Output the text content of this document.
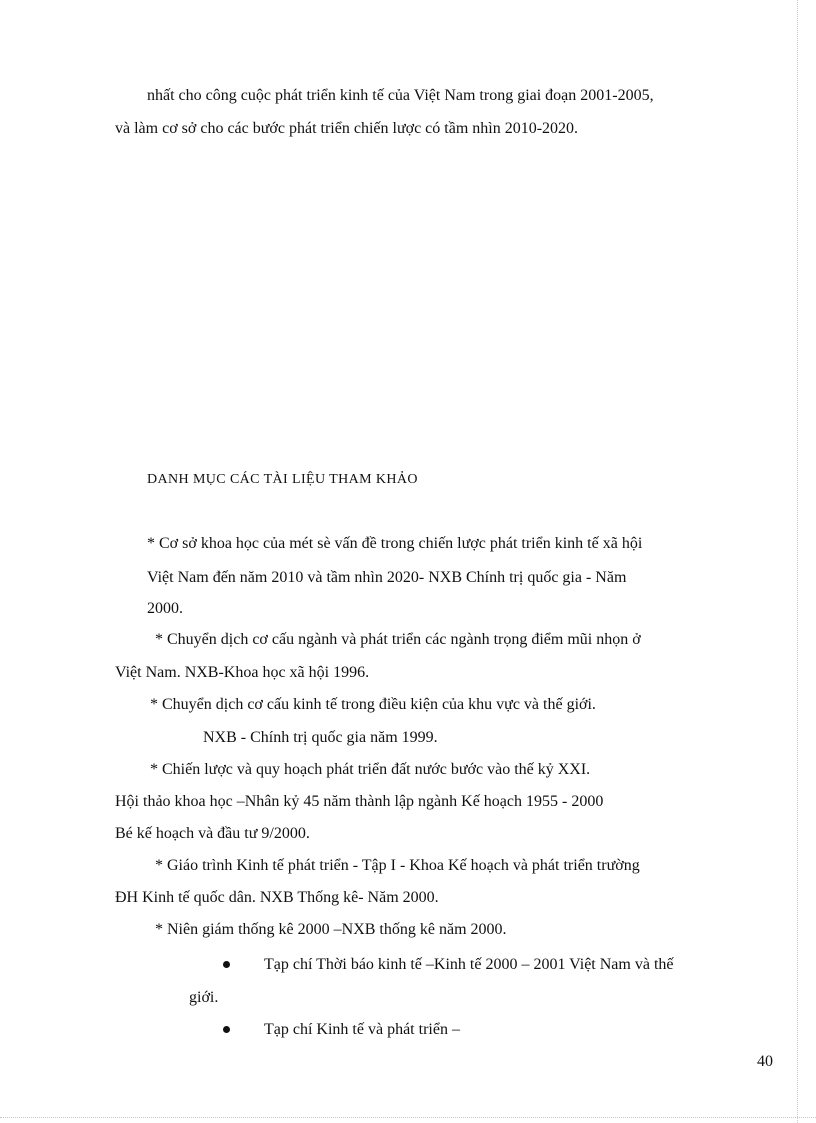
nhất cho công cuộc phát triển kinh tế của Việt Nam trong giai đoạn 2001-2005,
và làm cơ sở cho các bước phát triển chiến lược có tầm nhìn 2010-2020.
DANH MỤC CÁC TÀI LIỆU THAM KHẢO
* Cơ sở khoa học của mét sè vấn đề trong chiến lược phát triển kinh tế xã hội
Việt Nam đến năm 2010 và tầm nhìn 2020- NXB Chính trị quốc gia - Năm
2000.
* Chuyển dịch cơ cấu ngành và phát triển các ngành trọng điểm mũi nhọn ở
Việt Nam. NXB-Khoa học xã hội 1996.
* Chuyển dịch cơ cấu kinh tế trong điều kiện của khu vực và thế giới.
NXB - Chính trị quốc gia năm 1999.
* Chiến lược và quy hoạch phát triển đất nước bước vào thế kỷ XXI.
Hội thảo khoa học –Nhân kỷ 45 năm thành lập ngành Kế hoạch 1955 - 2000
Bé kế hoạch và đầu tư 9/2000.
* Giáo trình Kinh tế phát triển - Tập I - Khoa Kế hoạch và phát triển trường
ĐH Kinh tế quốc dân. NXB Thống kê- Năm 2000.
* Niên giám thống kê 2000 –NXB thống kê năm 2000.
Tạp chí Thời báo kinh tế –Kinh tế 2000 – 2001 Việt Nam và thế
giới.
Tạp chí Kinh tế và phát triển –
40
